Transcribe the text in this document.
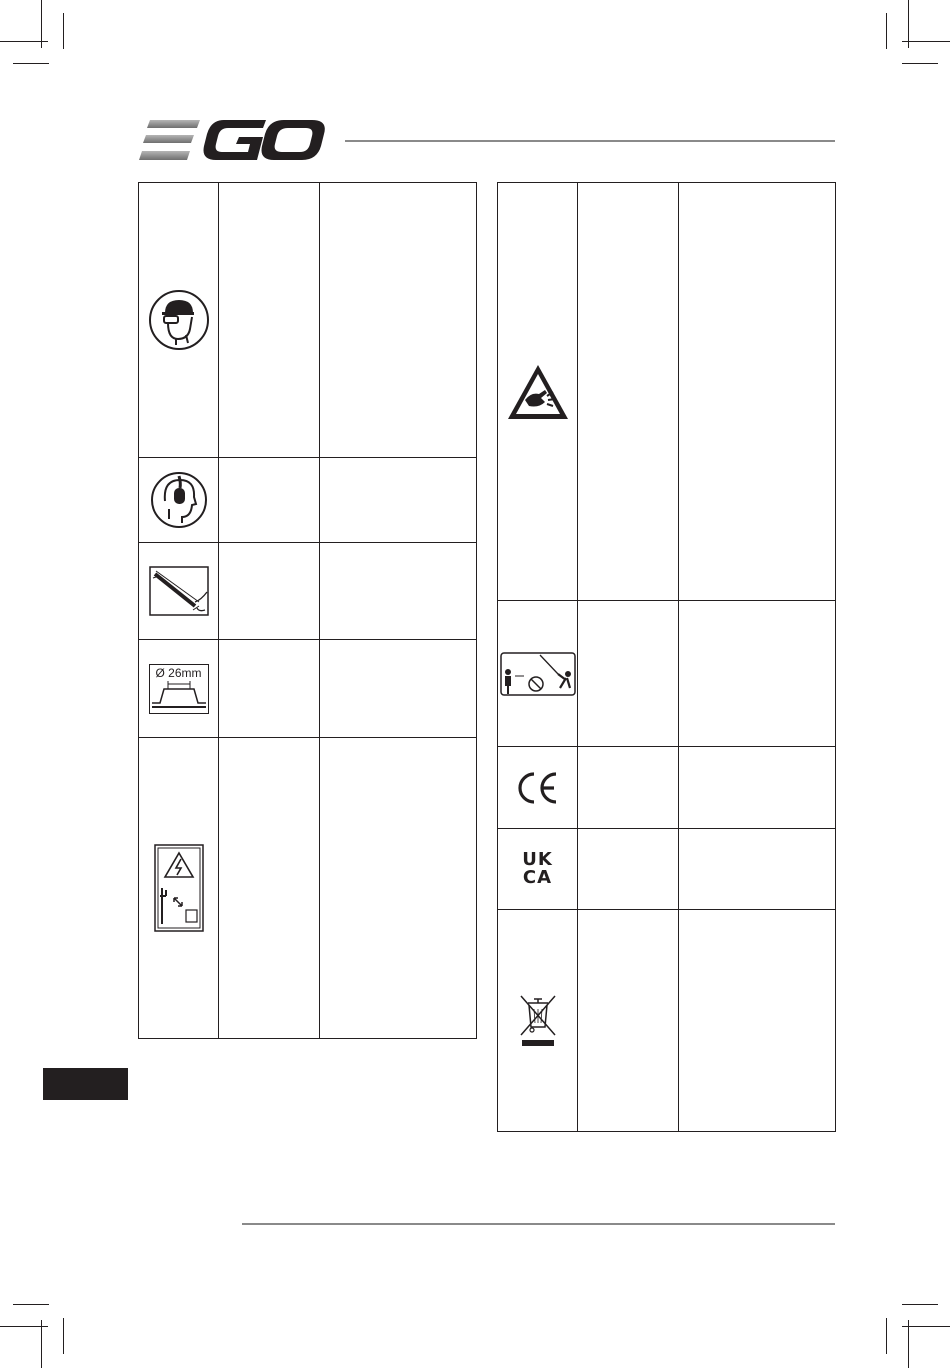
Ø 26mm		

UK
CA		
